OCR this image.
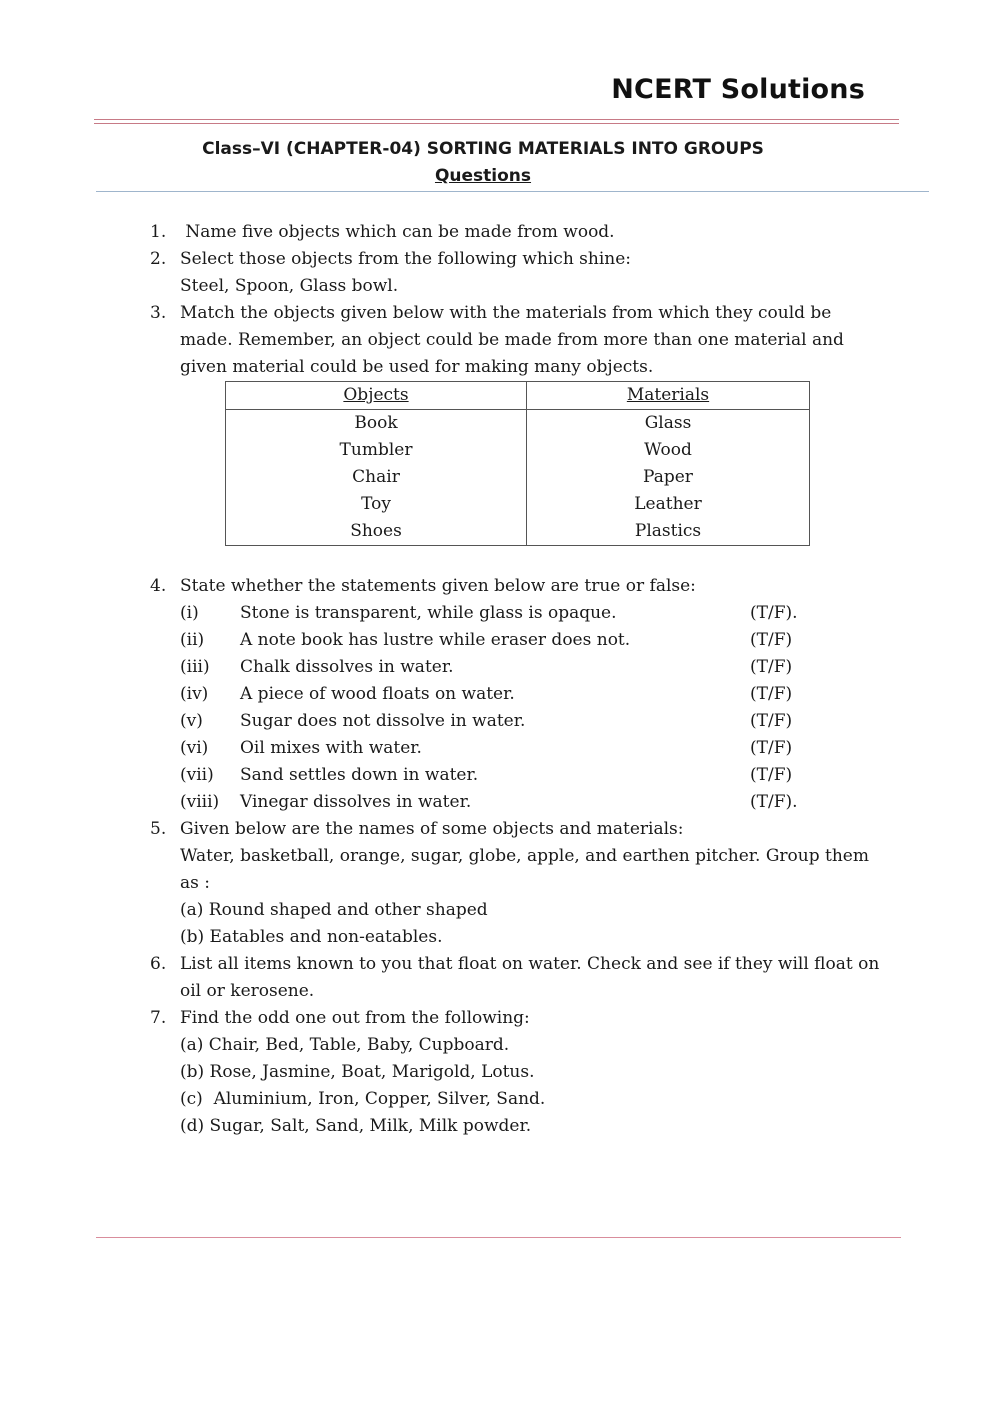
NCERT Solutions
Class–VI (CHAPTER-04) SORTING MATERIALS INTO GROUPS
Questions
1. Name five objects which can be made from wood.
2. Select those objects from the following which shine:
Steel, Spoon, Glass bowl.
3. Match the objects given below with the materials from which they could be
made. Remember, an object could be made from more than one material and
given material could be used for making many objects.
Objects	Materials
Book	Glass
Tumbler	Wood
Chair	Paper
Toy	Leather
Shoes	Plastics
4. State whether the statements given below are true or false:
(i) Stone is transparent, while glass is opaque.	(T/F).
(ii) A note book has lustre while eraser does not.	(T/F)
(iii) Chalk dissolves in water.	(T/F)
(iv) A piece of wood floats on water.	(T/F)
(v) Sugar does not dissolve in water.	(T/F)
(vi) Oil mixes with water.	(T/F)
(vii) Sand settles down in water.	(T/F)
(viii) Vinegar dissolves in water.	(T/F).
5. Given below are the names of some objects and materials:
Water, basketball, orange, sugar, globe, apple, and earthen pitcher. Group them
as :
(a) Round shaped and other shaped
(b) Eatables and non-eatables.
6. List all items known to you that float on water. Check and see if they will float on
oil or kerosene.
7. Find the odd one out from the following:
(a) Chair, Bed, Table, Baby, Cupboard.
(b) Rose, Jasmine, Boat, Marigold, Lotus.
(c)  Aluminium, Iron, Copper, Silver, Sand.
(d) Sugar, Salt, Sand, Milk, Milk powder.
